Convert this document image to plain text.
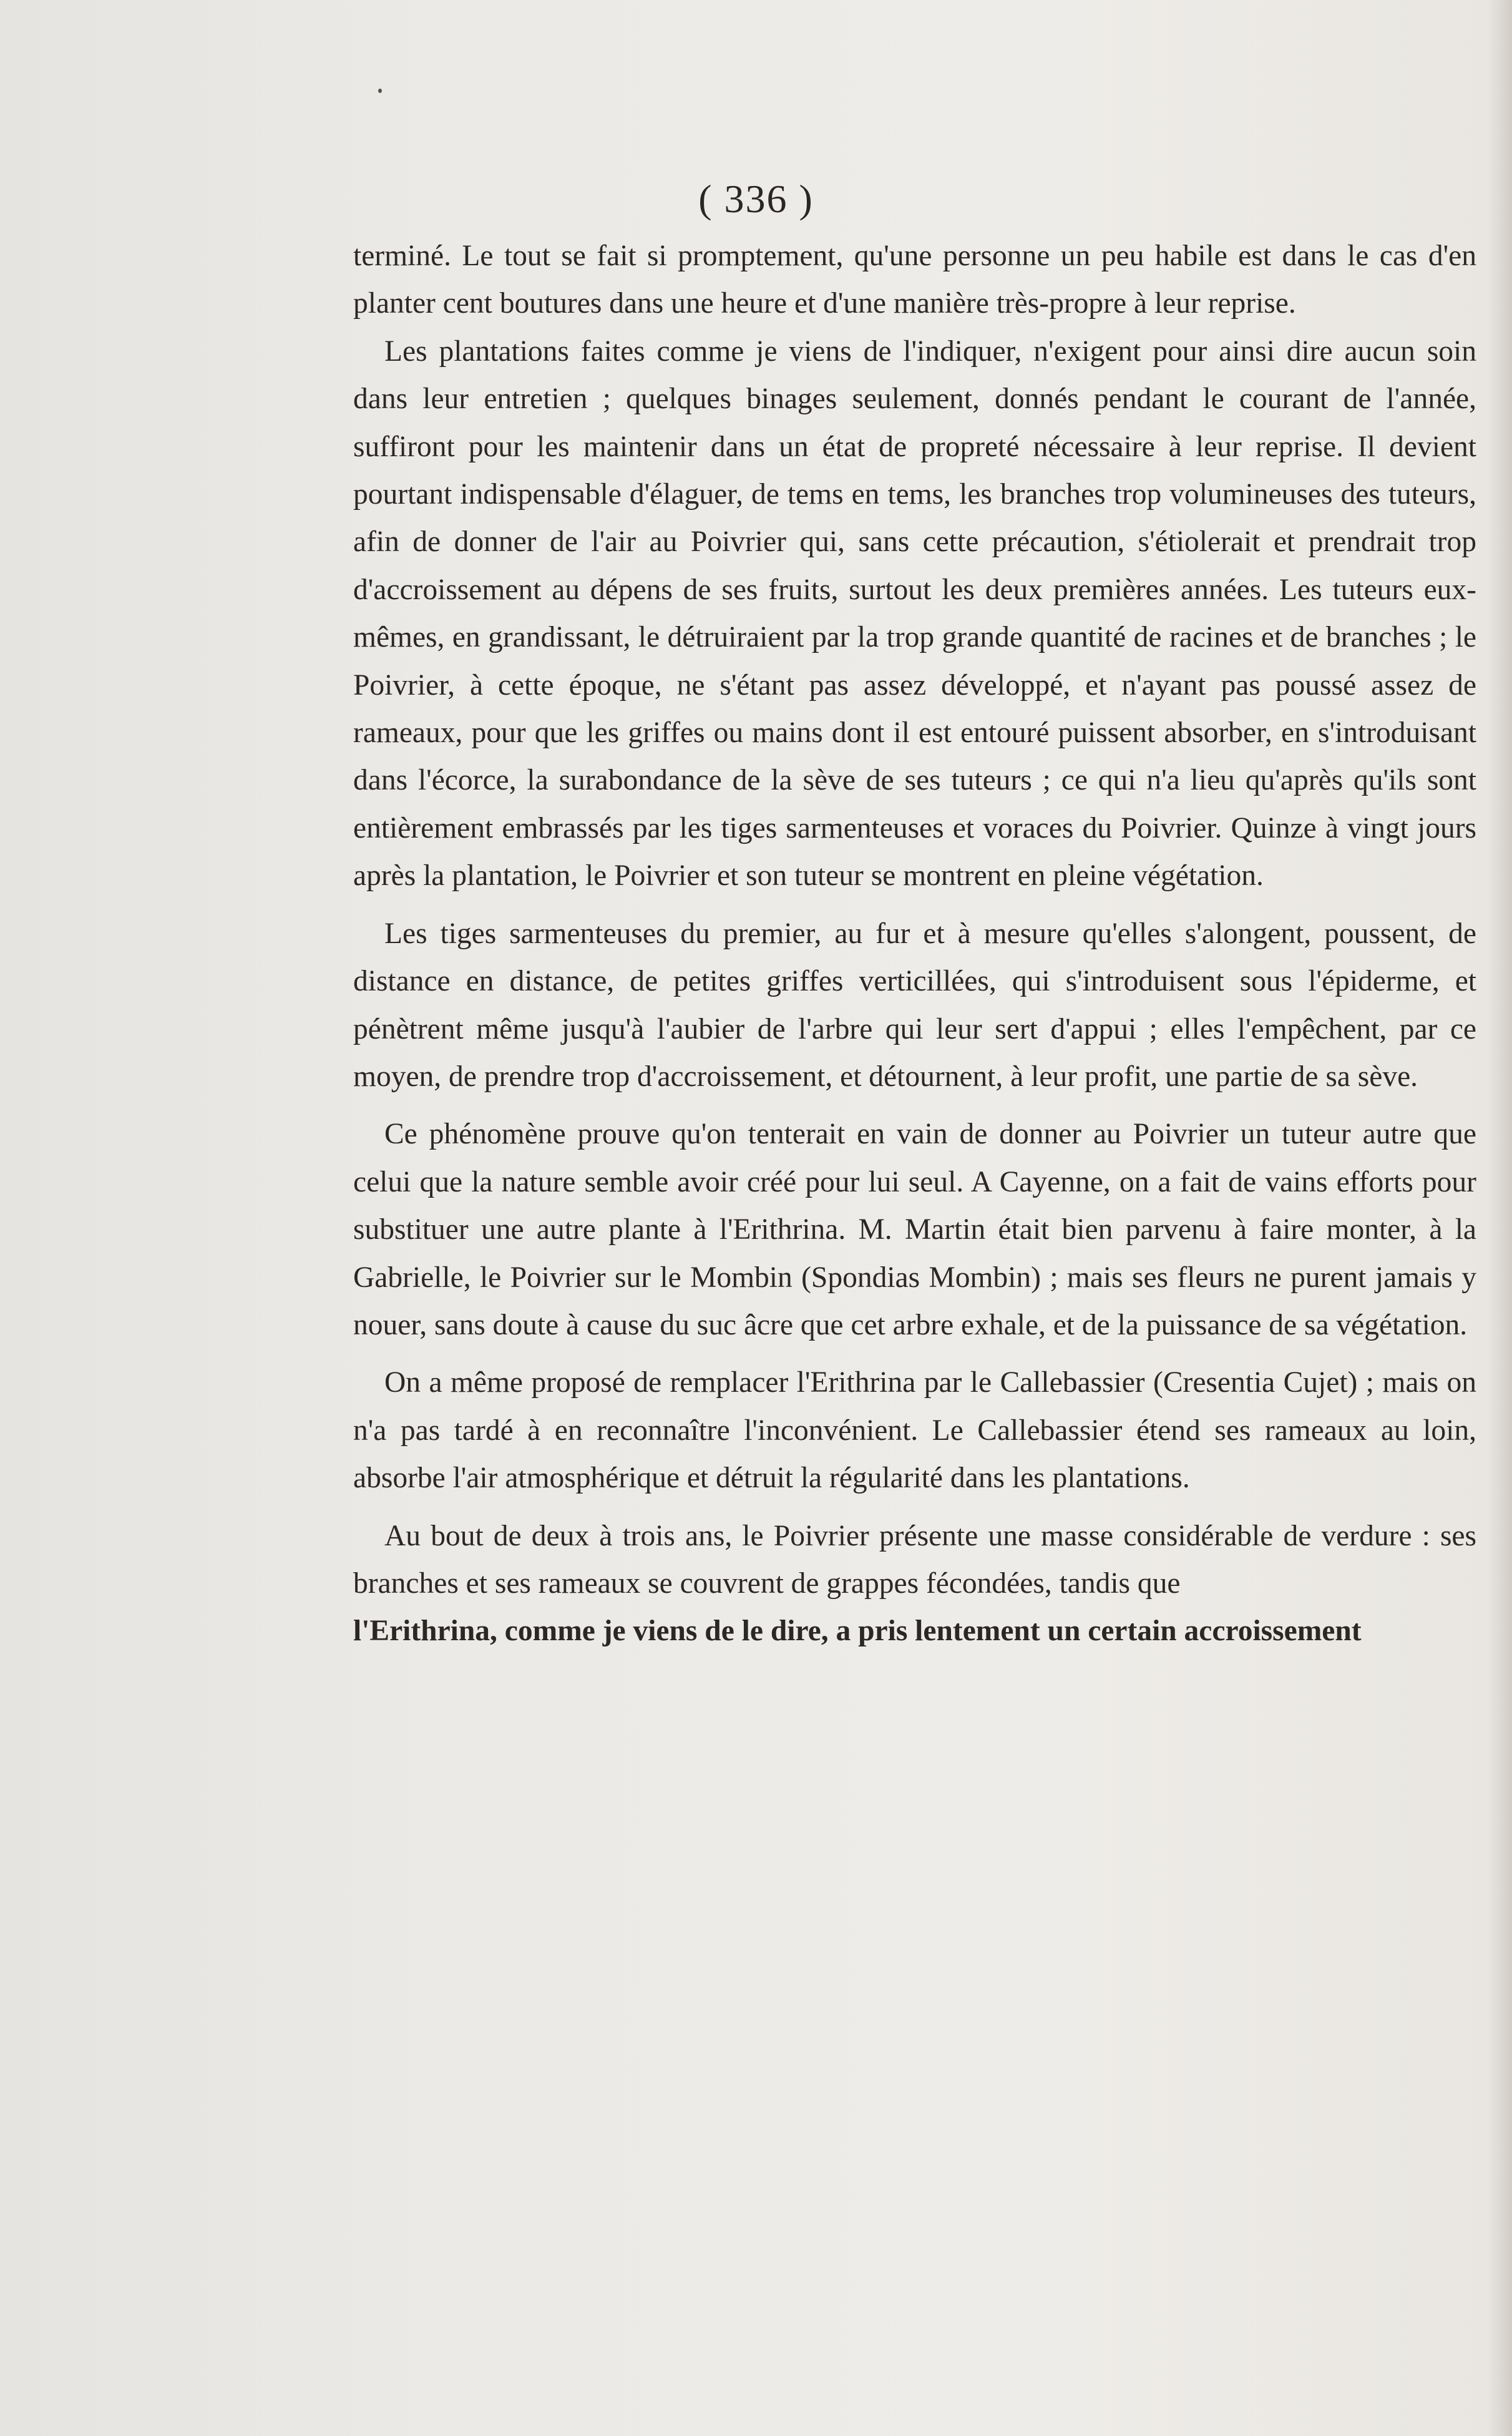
( 336 )

terminé. Le tout se fait si promptement, qu'une personne un peu habile est dans le cas d'en planter cent boutures dans une heure et d'une manière très-propre à leur reprise.

Les plantations faites comme je viens de l'indiquer, n'exigent pour ainsi dire aucun soin dans leur entretien ; quelques binages seulement, donnés pendant le courant de l'année, suffiront pour les maintenir dans un état de propreté nécessaire à leur reprise. Il devient pourtant indispensable d'élaguer, de tems en tems, les branches trop volumineuses des tuteurs, afin de donner de l'air au Poivrier qui, sans cette précaution, s'étiolerait et prendrait trop d'accroissement au dépens de ses fruits, surtout les deux premières années. Les tuteurs eux-mêmes, en grandissant, le détruiraient par la trop grande quantité de racines et de branches ; le Poivrier, à cette époque, ne s'étant pas assez développé, et n'ayant pas poussé assez de rameaux, pour que les griffes ou mains dont il est entouré puissent absorber, en s'introduisant dans l'écorce, la surabondance de la sève de ses tuteurs ; ce qui n'a lieu qu'après qu'ils sont entièrement embrassés par les tiges sarmenteuses et voraces du Poivrier. Quinze à vingt jours après la plantation, le Poivrier et son tuteur se montrent en pleine végétation.

Les tiges sarmenteuses du premier, au fur et à mesure qu'elles s'alongent, poussent, de distance en distance, de petites griffes verticillées, qui s'introduisent sous l'épiderme, et pénètrent même jusqu'à l'aubier de l'arbre qui leur sert d'appui ; elles l'empêchent, par ce moyen, de prendre trop d'accroissement, et détournent, à leur profit, une partie de sa sève.

Ce phénomène prouve qu'on tenterait en vain de donner au Poivrier un tuteur autre que celui que la nature semble avoir créé pour lui seul. A Cayenne, on a fait de vains efforts pour substituer une autre plante à l'Erithrina. M. Martin était bien parvenu à faire monter, à la Gabrielle, le Poivrier sur le Mombin (Spondias Mombin) ; mais ses fleurs ne purent jamais y nouer, sans doute à cause du suc âcre que cet arbre exhale, et de la puissance de sa végétation.

On a même proposé de remplacer l'Erithrina par le Callebassier (Cresentia Cujet) ; mais on n'a pas tardé à en reconnaître l'inconvénient. Le Callebassier étend ses rameaux au loin, absorbe l'air atmosphérique et détruit la régularité dans les plantations.

Au bout de deux à trois ans, le Poivrier présente une masse considérable de verdure : ses branches et ses rameaux se couvrent de grappes fécondées, tandis que
l'Erithrina, comme je viens de le dire, a pris lentement un certain accroissement
